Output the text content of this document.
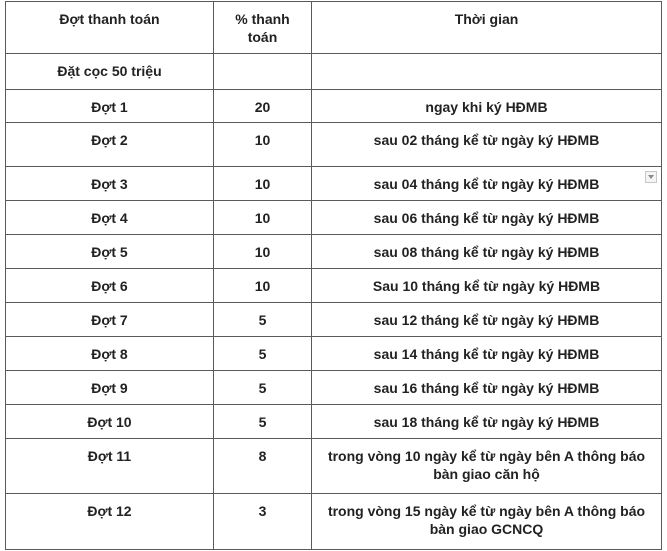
Đợt thanh toán	% thanh toán	Thời gian
Đặt cọc 50 triệu		
Đợt 1	20	ngay khi ký HĐMB
Đợt 2	10	sau 02 tháng kể từ ngày ký HĐMB
Đợt 3	10	sau 04 tháng kể từ ngày ký HĐMB

Đợt 4	10	sau 06 tháng kể từ ngày ký HĐMB
Đợt 5	10	sau 08 tháng kể từ ngày ký HĐMB
Đợt 6	10	Sau 10 tháng kể từ ngày ký HĐMB
Đợt 7	5	sau 12 tháng kể từ ngày ký HĐMB
Đợt 8	5	sau 14 tháng kể từ ngày ký HĐMB
Đợt 9	5	sau 16 tháng kể từ ngày ký HĐMB
Đợt 10	5	sau 18 tháng kể từ ngày ký HĐMB
Đợt 11	8	trong vòng 10 ngày kể từ ngày bên A thông báo bàn giao căn hộ
Đợt 12	3	trong vòng 15 ngày kể từ ngày bên A thông báo bàn giao GCNCQ
